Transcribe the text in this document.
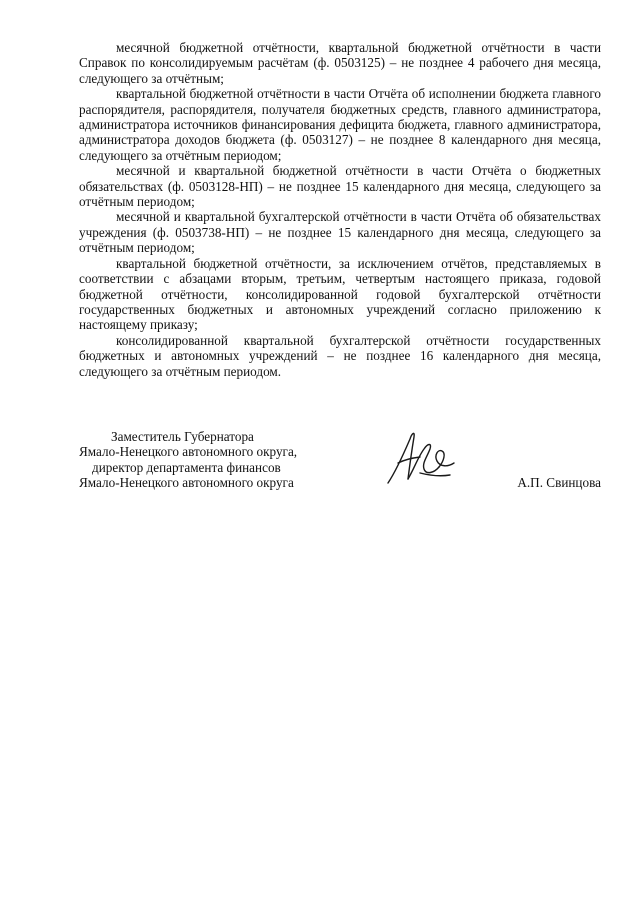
месячной бюджетной отчётности, квартальной бюджетной отчётности в части Справок по консолидируемым расчётам (ф. 0503125) – не позднее 4 рабочего дня месяца, следующего за отчётным;

квартальной бюджетной отчётности в части Отчёта об исполнении бюджета главного распорядителя, распорядителя, получателя бюджетных средств, главного администратора, администратора источников финансирования дефицита бюджета, главного администратора, администратора доходов бюджета (ф. 0503127) – не позднее 8 календарного дня месяца, следующего за отчётным периодом;

месячной и квартальной бюджетной отчётности в части Отчёта о бюджетных обязательствах (ф. 0503128-НП) – не позднее 15 календарного дня месяца, следующего за отчётным периодом;

месячной и квартальной бухгалтерской отчётности в части Отчёта об обязательствах учреждения (ф. 0503738-НП) – не позднее 15 календарного дня месяца, следующего за отчётным периодом;

квартальной бюджетной отчётности, за исключением отчётов, представляемых в соответствии с абзацами вторым, третьим, четвертым настоящего приказа, годовой бюджетной отчётности, консолидированной годовой бухгалтерской отчётности государственных бюджетных и автономных учреждений согласно приложению к настоящему приказу;

консолидированной квартальной бухгалтерской отчётности государственных бюджетных и автономных учреждений – не позднее 16 календарного дня месяца, следующего за отчётным периодом.

Заместитель Губернатора
Ямало-Ненецкого автономного округа,
директор департамента финансов
Ямало-Ненецкого автономного округа	А.П. Свинцова
